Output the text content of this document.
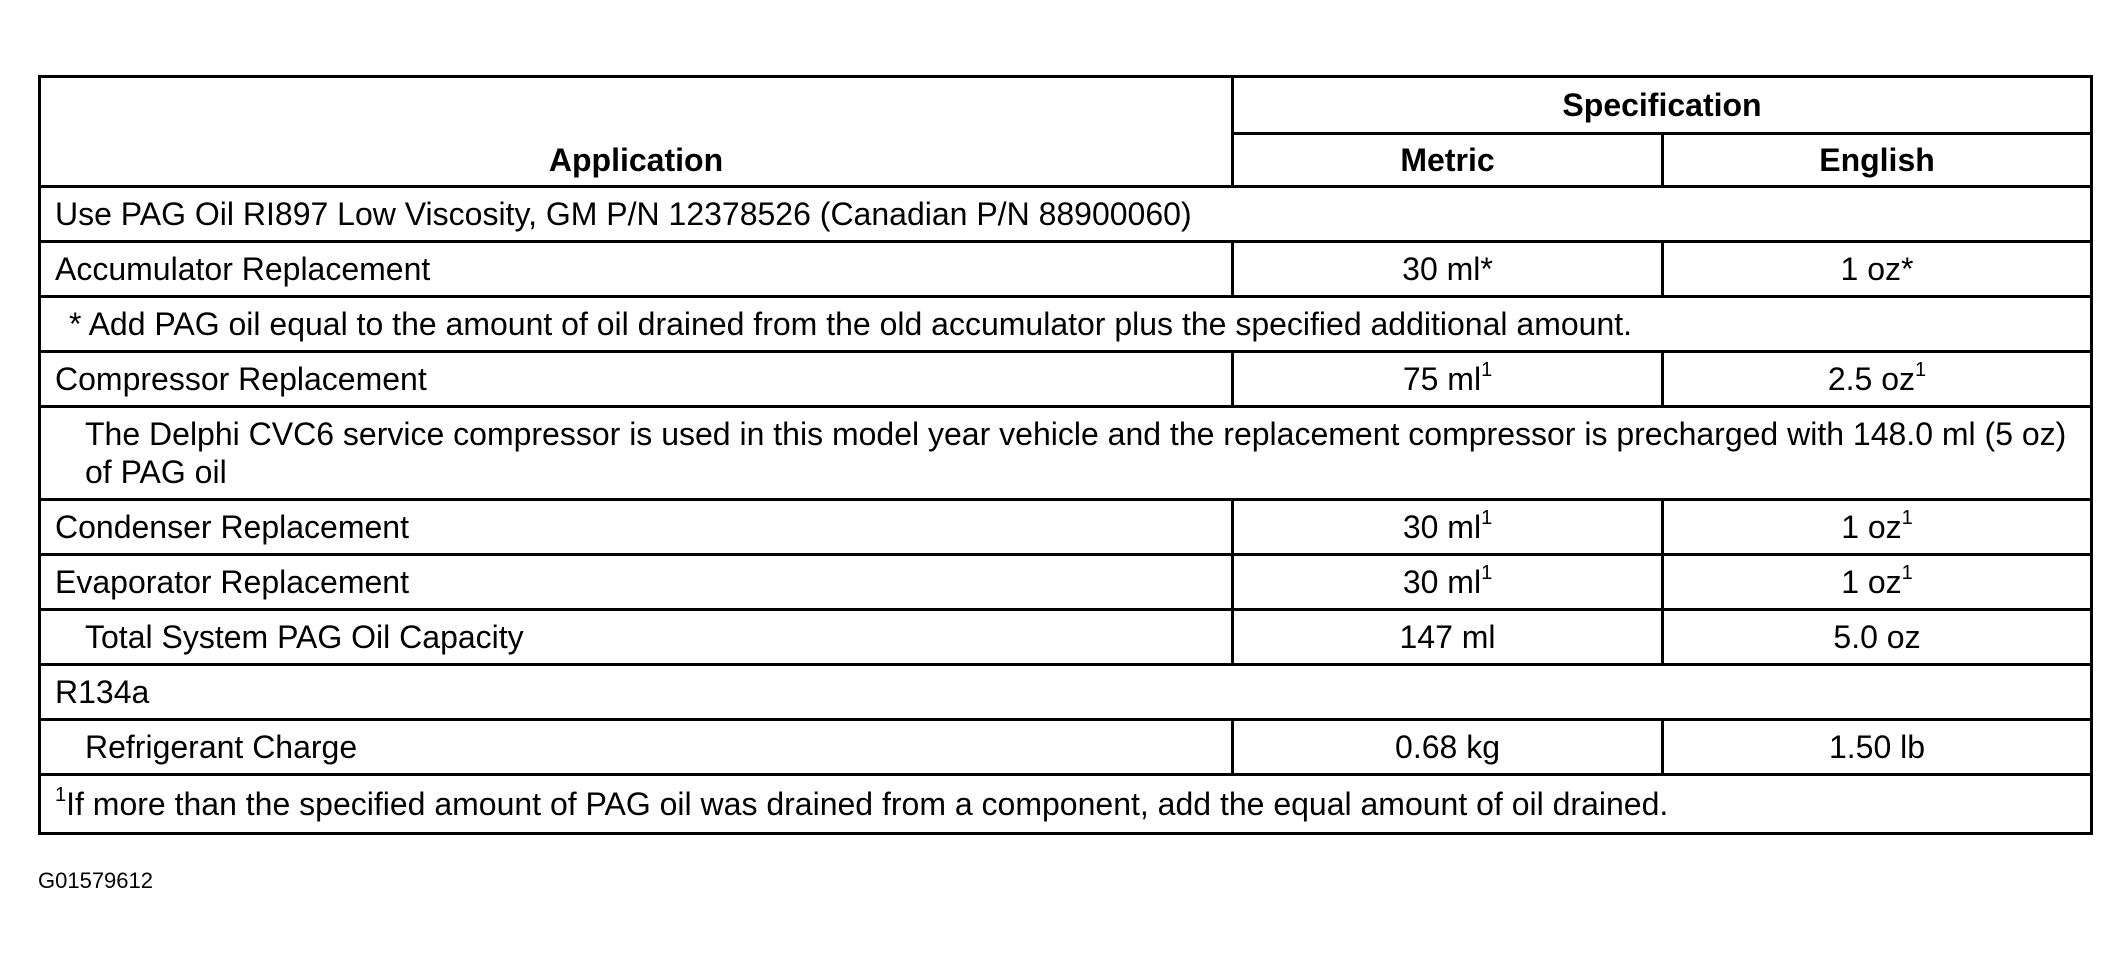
Application	Specification	
	Metric	English
Use PAG Oil RI897 Low Viscosity, GM P/N 12378526 (Canadian P/N 88900060)		
Accumulator Replacement	30 ml*	1 oz*
* Add PAG oil equal to the amount of oil drained from the old accumulator plus the specified additional amount.		
Compressor Replacement	75 $ml^1$	2.5 $oz^1$
The Delphi CVC6 service compressor is used in this model year vehicle and the replacement compressor is precharged with 148.0 ml (5 oz) of PAG oil		
Condenser Replacement	30 $ml^1$	1 $oz^1$
Evaporator Replacement	30 $ml^1$	1 $oz^1$
Total System PAG Oil Capacity	147 ml	5.0 oz
R134a		
Refrigerant Charge	0.68 kg	1.50 lb
$^1$If more than the specified amount of PAG oil was drained from a component, add the equal amount of oil drained.		
G01579612
